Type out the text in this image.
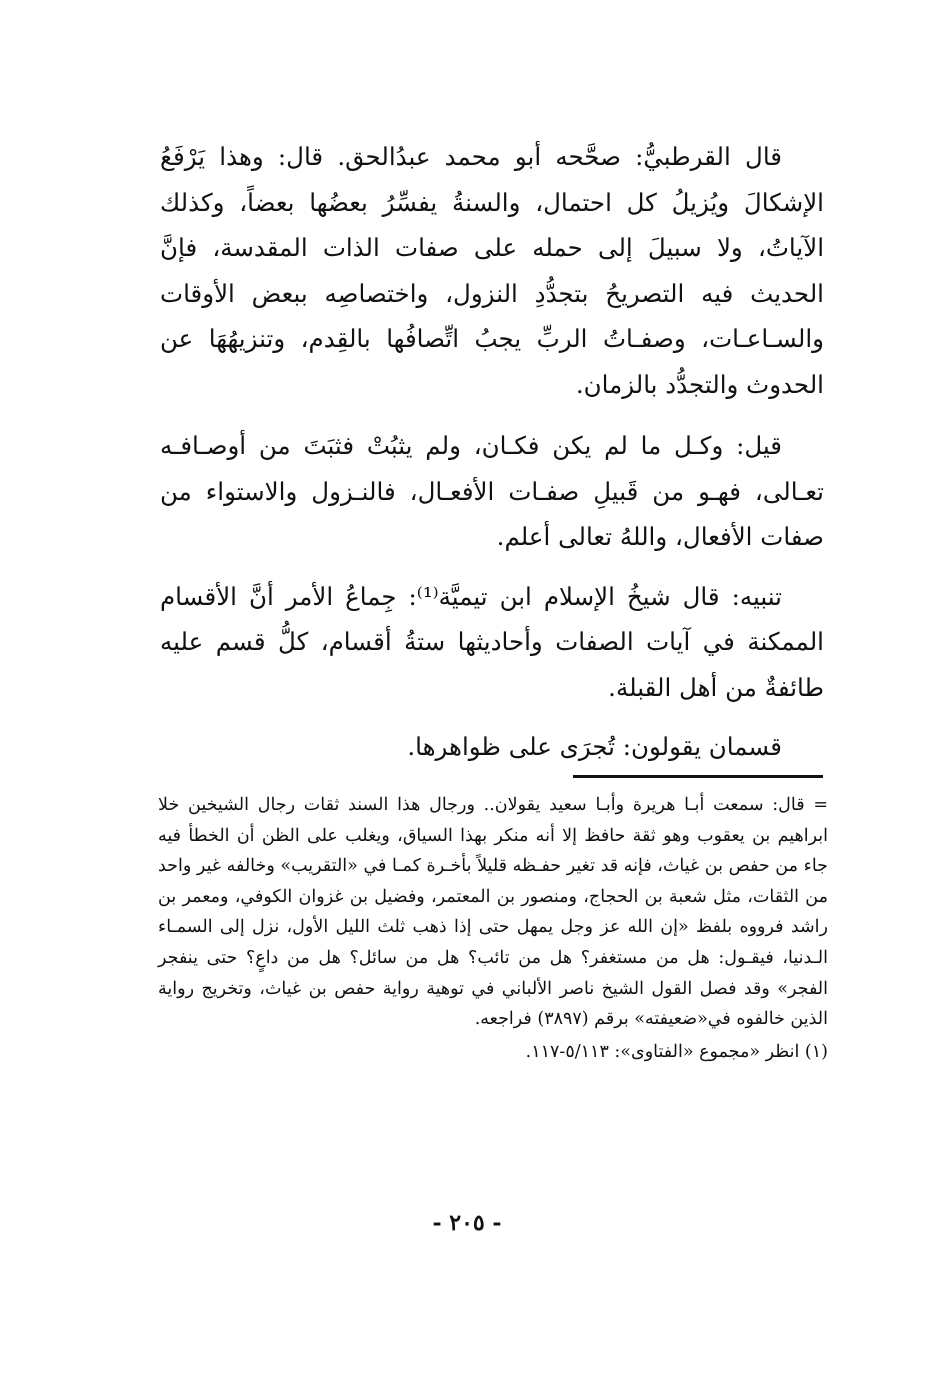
قال القرطبيُّ: صحَّحه أبو محمد عبدُالحق. قال: وهذا يَرْفَعُ الإشكالَ ويُزيلُ كل احتمال، والسنةُ يفسِّرُ بعضُها بعضاً، وكذلك الآياتُ، ولا سبيلَ إلى حمله على صفات الذات المقدسة، فإنَّ الحديث فيه التصريحُ بتجدُّدِ النزول، واختصاصِه ببعض الأوقات والسـاعـات، وصفـاتُ الربِّ يجبُ اتِّصافُها بالقِدم، وتنزيهُهَا عن الحدوث والتجدُّد بالزمان.

قيل: وكـل ما لم يكن فكـان، ولم يثبُتْ فثبَتَ من أوصـافـه تعـالى، فهـو من قَبيلِ صفـات الأفعـال، فالنـزول والاستواء من صفات الأفعال، واللهُ تعالى أعلم.

تنبيه: قال شيخُ الإسلام ابن تيميَّة⁽¹⁾: جِماعُ الأمر أنَّ الأقسام الممكنة في آيات الصفات وأحاديثها ستةُ أقسام، كلُّ قسم عليه طائفةٌ من أهل القبلة.

قسمان يقولون: تُجرَى على ظواهرها.

= قال: سمعت أبـا هريرة وأبـا سعيد يقولان.. ورجال هذا السند ثقات رجال الشيخين خلا ابراهيم بن يعقوب وهو ثقة حافظ إلا أنه منكر بهذا السياق، ويغلب على الظن أن الخطأ فيه جاء من حفص بن غياث، فإنه قد تغير حفـظه قليلاً بأخـرة كمـا في «التقريب» وخالفه غير واحد من الثقات، مثل شعبة بن الحجاج، ومنصور بن المعتمر، وفضيل بن غزوان الكوفي، ومعمر بن راشد فرووه بلفظ «إن الله عز وجل يمهل حتى إذا ذهب ثلث الليل الأول، نزل إلى السمـاء الـدنيا، فيقـول: هل من مستغفر؟ هل من تائب؟ هل من سائل؟ هل من داعٍ؟ حتى ينفجر الفجر» وقد فصل القول الشيخ ناصر الألباني في توهية رواية حفص بن غياث، وتخريج رواية الذين خالفوه في«ضعيفته» برقم (٣٨٩٧) فراجعه.

(١) انظر «مجموع «الفتاوى»: ٥/١١٣-١١٧.

- ٢٠٥ -
